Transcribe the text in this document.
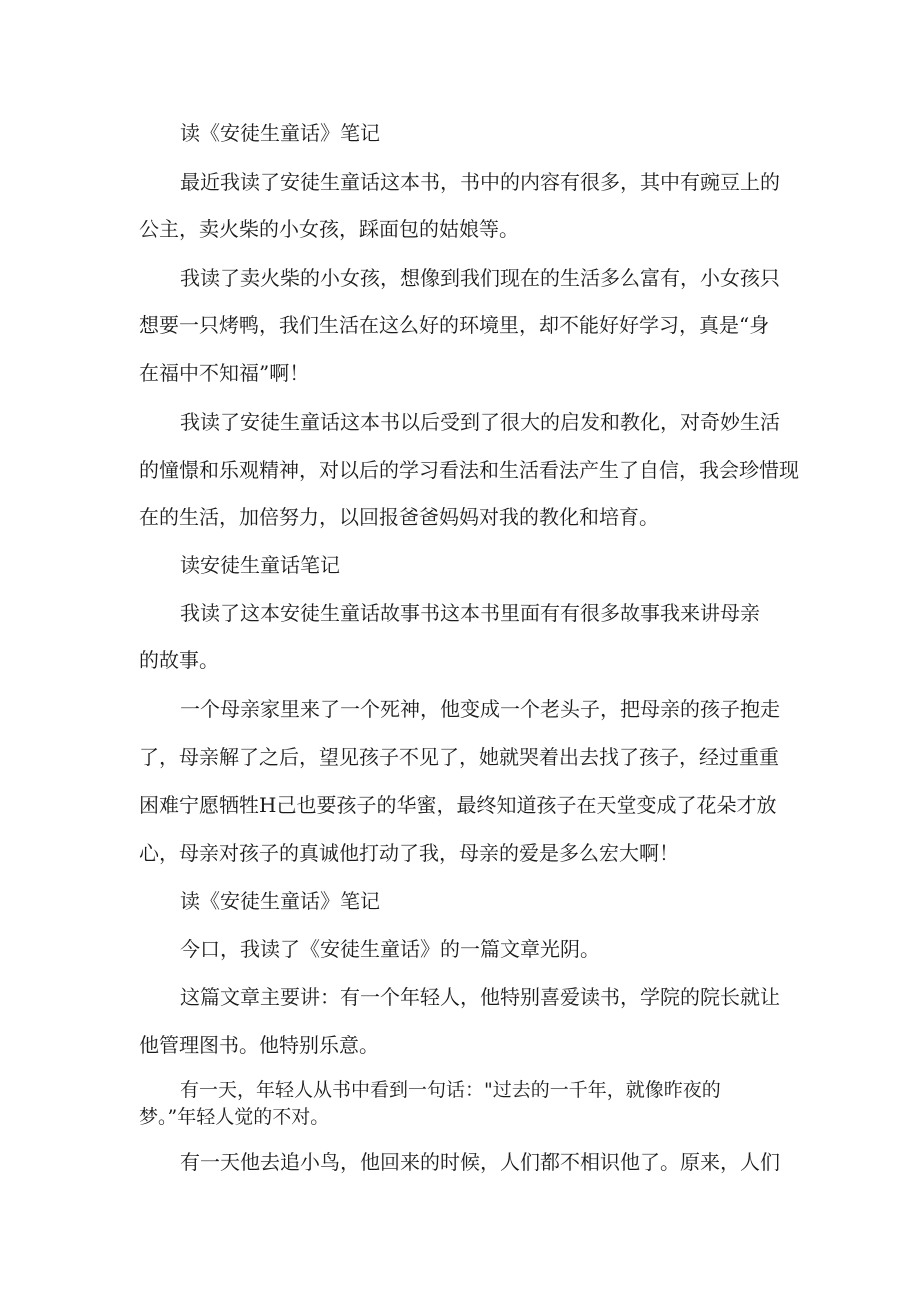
读《安徒生童话》笔记

最近我读了安徒生童话这本书，书中的内容有很多，其中有豌豆上的

公主，卖火柴的小女孩，踩面包的姑娘等。

我读了卖火柴的小女孩，想像到我们现在的生活多么富有，小女孩只

想要一只烤鸭，我们生活在这么好的环境里，却不能好好学习，真是“身

在福中不知福”啊！

我读了安徒生童话这本书以后受到了很大的启发和教化，对奇妙生活

的憧憬和乐观精神，对以后的学习看法和生活看法产生了自信，我会珍惜现

在的生活，加倍努力，以回报爸爸妈妈对我的教化和培育。

读安徒生童话笔记

我读了这本安徒生童话故事书这本书里面有有很多故事我来讲母亲

的故事。

一个母亲家里来了一个死神，他变成一个老头子，把母亲的孩子抱走

了，母亲解了之后，望见孩子不见了，她就哭着出去找了孩子，经过重重

困难宁愿牺牲H己也要孩子的华蜜，最终知道孩子在天堂变成了花朵才放

心，母亲对孩子的真诚他打动了我，母亲的爱是多么宏大啊！

读《安徒生童话》笔记

今口，我读了《安徒生童话》的一篇文章光阴。

这篇文章主要讲：有一个年轻人，他特别喜爱读书，学院的院长就让

他管理图书。他特别乐意。

有一天，年轻人从书中看到一句话："过去的一千年，就像昨夜的

梦。”年轻人觉的不对。

有一天他去追小鸟，他回来的时候，人们都不相识他了。原来，人们
